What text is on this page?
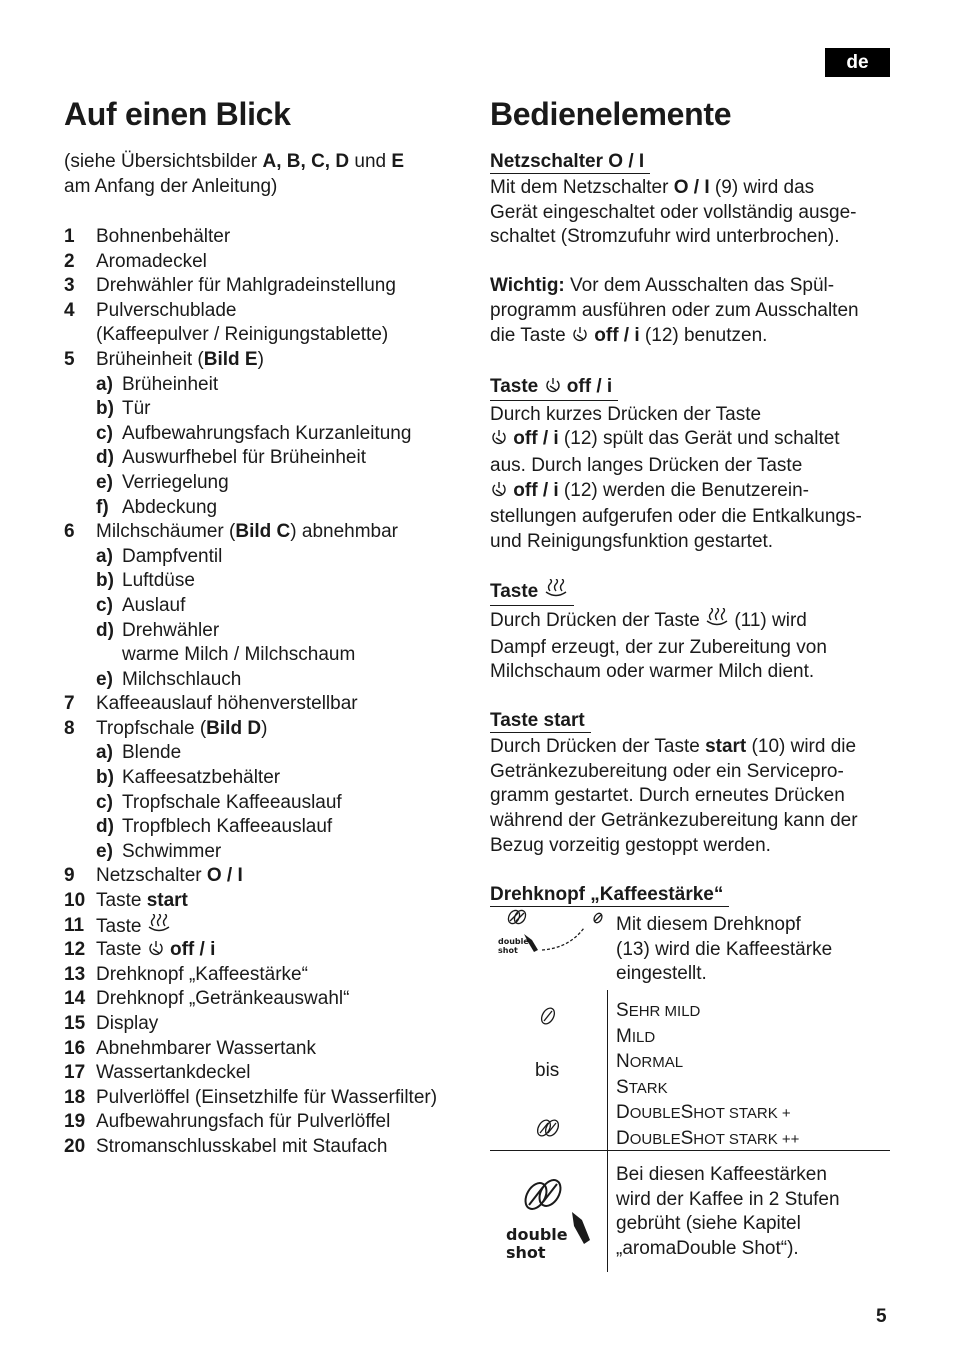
de
Auf einen Blick	Bedienelemente
(siehe Übersichtsbilder A, B, C, D und E
am Anfang der Anleitung)
1 Bohnenbehälter
2 Aromadeckel
3 Drehwähler für Mahlgradeinstellung
4 Pulverschublade
(Kaffeepulver / Reinigungstablette)
5 Brüheinheit (Bild E)
a) Brüheinheit
b) Tür
c) Aufbewahrungsfach Kurzanleitung
d) Auswurfhebel für Brüheinheit
e) Verriegelung
f) Abdeckung
6 Milchschäumer (Bild C) abnehmbar
a) Dampfventil
b) Luftdüse
c) Auslauf
d) Drehwähler
warme Milch / Milchschaum
e) Milchschlauch
7 Kaffeeauslauf höhenverstellbar
8 Tropfschale (Bild D)
a) Blende
b) Kaffeesatzbehälter
c) Tropfschale Kaffeeauslauf
d) Tropfblech Kaffeeauslauf
e) Schwimmer
9 Netzschalter O / I
10 Taste start
11 Taste
12 Taste  off / i
13 Drehknopf „Kaffeestärke“
14 Drehknopf „Getränkeauswahl“
15 Display
16 Abnehmbarer Wassertank
17 Wassertankdeckel
18 Pulverlöffel (Einsetzhilfe für Wasserfilter)
19 Aufbewahrungsfach für Pulverlöffel
20 Stromanschlusskabel mit Staufach
Netzschalter O / I
Mit dem Netzschalter O / I (9) wird das
Gerät eingeschaltet oder vollständig ausge-
schaltet (Stromzufuhr wird unterbrochen).
Wichtig: Vor dem Ausschalten das Spül-
programm ausführen oder zum Ausschalten
die Taste  off / i (12) benutzen.
Taste  off / i
Durch kurzes Drücken der Taste
off / i (12) spült das Gerät und schaltet
aus. Durch langes Drücken der Taste
off / i (12) werden die Benutzerein-
stellungen aufgerufen oder die Entkalkungs-
und Reinigungsfunktion gestartet.
Taste
Durch Drücken der Taste  (11) wird
Dampf erzeugt, der zur Zubereitung von
Milchschaum oder warmer Milch dient.
Taste start
Durch Drücken der Taste start (10) wird die
Getränkezubereitung oder ein Servicepro-
gramm gestartet. Durch erneutes Drücken
während der Getränkezubereitung kann der
Bezug vorzeitig gestoppt werden.
Drehknopf „Kaffeestärke“
double
shot
Mit diesem Drehknopf
(13) wird die Kaffeestärke
eingestellt.
bis
SEHR MILD
MILD
NORMAL
STARK
DOUBLESHOT STARK +
DOUBLESHOT STARK ++
double
shot
Bei diesen Kaffeestärken
wird der Kaffee in 2 Stufen
gebrüht (siehe Kapitel
„aromaDouble Shot“).
5
